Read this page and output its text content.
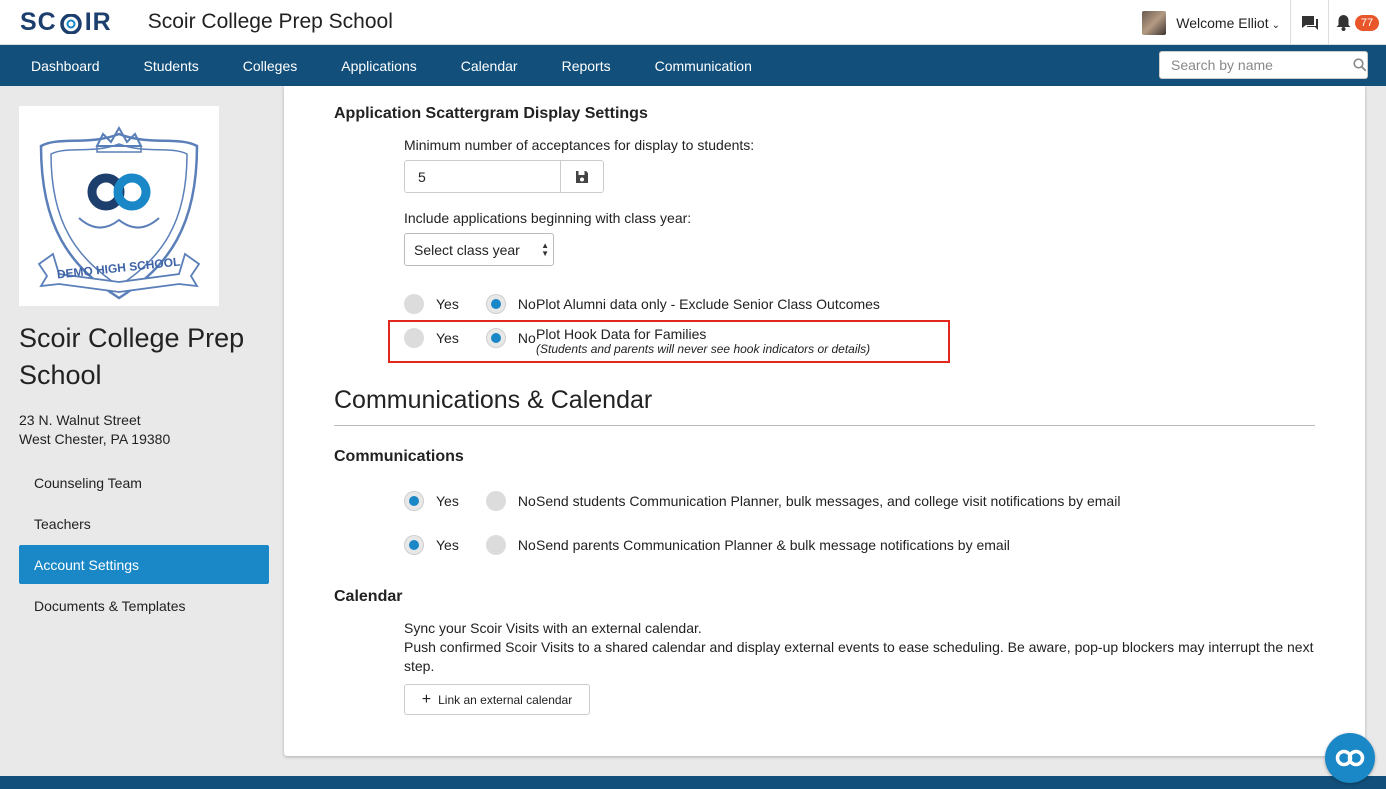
SC IR Scoir College Prep School	Welcome Elliot ⌄	77
Dashboard	Students	Colleges	Applications	Calendar	Reports	Communication
Search by name
DEMO HIGH SCHOOL
Scoir College Prep School
23 N. Walnut Street
West Chester, PA 19380
Counseling Team
Teachers
Account Settings
Documents & Templates
Application Scattergram Display Settings
Minimum number of acceptances for display to students:
5
Include applications beginning with class year:
Select class year	▲
▼
Yes	No Plot Alumni data only - Exclude Senior Class Outcomes
Yes	No Plot Hook Data for Families
(Students and parents will never see hook indicators or details)
Communications & Calendar
Communications
Yes	No Send students Communication Planner, bulk messages, and college visit notifications by email
Yes	No Send parents Communication Planner & bulk message notifications by email
Calendar
Sync your Scoir Visits with an external calendar.
Push confirmed Scoir Visits to a shared calendar and display external events to ease scheduling. Be aware, pop-up blockers may interrupt the next step.
+ Link an external calendar
